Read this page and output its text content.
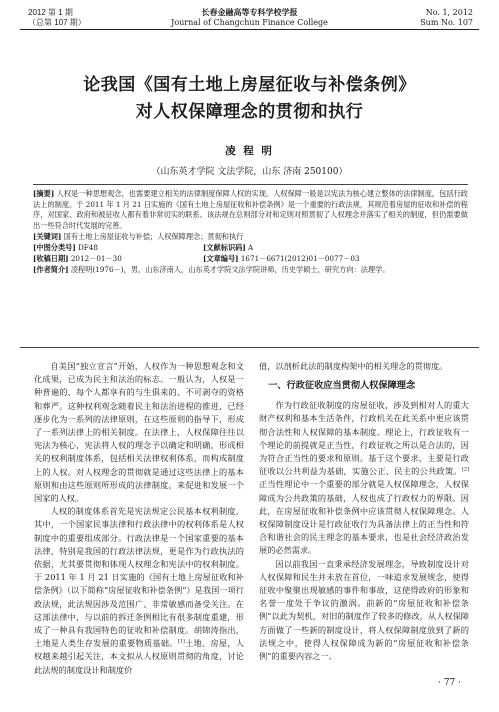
2012 第 1 期
（总第 107 期）
长春金融高等专科学校学报
Journal of Changchun Finance College
No. 1, 2012
Sum No. 107
论我国《国有土地上房屋征收与补偿条例》
对人权保障理念的贯彻和执行
凌 程 明
（山东英才学院 文法学院，山东 济南 250100）

[摘要] 人权是一种思想观念，也需要建立相关的法律制度保障人权的实现。人权保障一般是以宪法为核心建立整体的法律制度，包括行政法上的制度。于 2011 年 1 月 21 日实施的《国有土地上房屋征收和补偿条例》是一个重要的行政法规，其规范着房屋的征收和补偿的程序，对国家、政府和被征收人都有着非常切实的联系。该法规在总则部分对和定则对照贯彻了人权理念并落实了相关的制度，但仍需要做出一些符合时代发展的完善。

[关键词] 国有土地上房屋征收与补偿；人权保障理念；贯彻和执行

[中图分类号] DF48	[文献标识码] A
[收稿日期] 2012－01－30	[文章编号] 1671－6671(2012)01－0077－03

[作者简介] 凌程明(1976－)，男，山东济南人，山东英才学院文法学院讲师，历史学硕士，研究方向：法理学。

自美国“独立宣言”开始，人权作为一种思想观念和文化成果，已成为民主和法治的标志。一般认为，人权是一种普遍的、每个人都享有的与生俱来的、不可剥夺的资格和葬严。这种权利观念随着民主和法治进程的推进，已经逐步化为一系列的法律原则，在这些原则的指导下，形成了一系列法律上的相关制度。在法律上，人权保障往往以宪法为核心，宪法将人权的理念予以确定和明确，形成相关的权利制度体系，包括相关法律权利体系，而构成制度上的人权。对人权理念的贯彻就是通过这些法律上的基本原则和由这些原则所形成的法律制度，来促进和发展一个国家的人权。

人权的制度体系首先是宪法规定公民基本权利制度，其中，一个国家民事法律和行政法律中的权利体系是人权制度中的重要组成部分。行政法律是一个国家重要的基本法律，特别是我国的行政法律法规，更是作为行政执法的依据，尤其要贯彻和体现人权理念和宪法中的权利制度。于 2011 年 1 月 21 日实施的《国有土地上房屋征收和补偿条例》（以下简称“房屋征收和补偿条例”）是我国一项行政法规，此法规因涉及范围广、非常敏感而备受关注。在这部法律中，与以前的拆迁条例相比有很多制度重建，形成了一种具有我国特色的征收和补偿制度。胡锦涛指出，土地是人类生存发展的重要物质基础。[1]土地、房屋，人权越来越引起关注，本文拟从人权原则贯彻的角度，讨论此法规的制度设计和制度价

值，以剖析此法的制度构架中的相关理念的贯彻度。

一、行政征收应当贯彻人权保障理念

作为行政征收制度的房屋征收，涉及到相对人的重大财产权利和基本生活条件，行政机关在此关系中更应该贯彻合法性和人权保障的基本制度。理论上，行政征收有一个理论的前提就是正当性，行政征收之所以是合法的，因为符合正当性的要求和原则。基于这个要求，主要是行政征收以公共利益为基础，实施公正、民主的公共政策。[2]正当性理论中一个重要的部分就是人权保障理念，人权保障成为公共政策的基础，人权也成了行政权力的界限。因此，在房屋征收和补偿条例中应该贯彻人权保障理念。人权保障制度设计是行政征收行为具备法律上的正当性和符合和谐社会的民主理念的基本要求，也是社会经济政治发展的必然需求。

因以前我国一直秉承经济发展理念，导致制度设计对人权保障和民生并未放在首位，一味追求发展规念，使得征收中聚聚出现敏感的事件和事故，这使得政府的形象和名誉一度处于争议的激涡。前新的“房屋征收和补偿条例”以此为契机，对旧的制度作了较多的修改，从人权保障方面做了一些新的制度设计，将人权保障制度放到了新的法规之中，使得人权保障成为新的“房屋征收和补偿条例”的重要内容之一。

· 77 ·
